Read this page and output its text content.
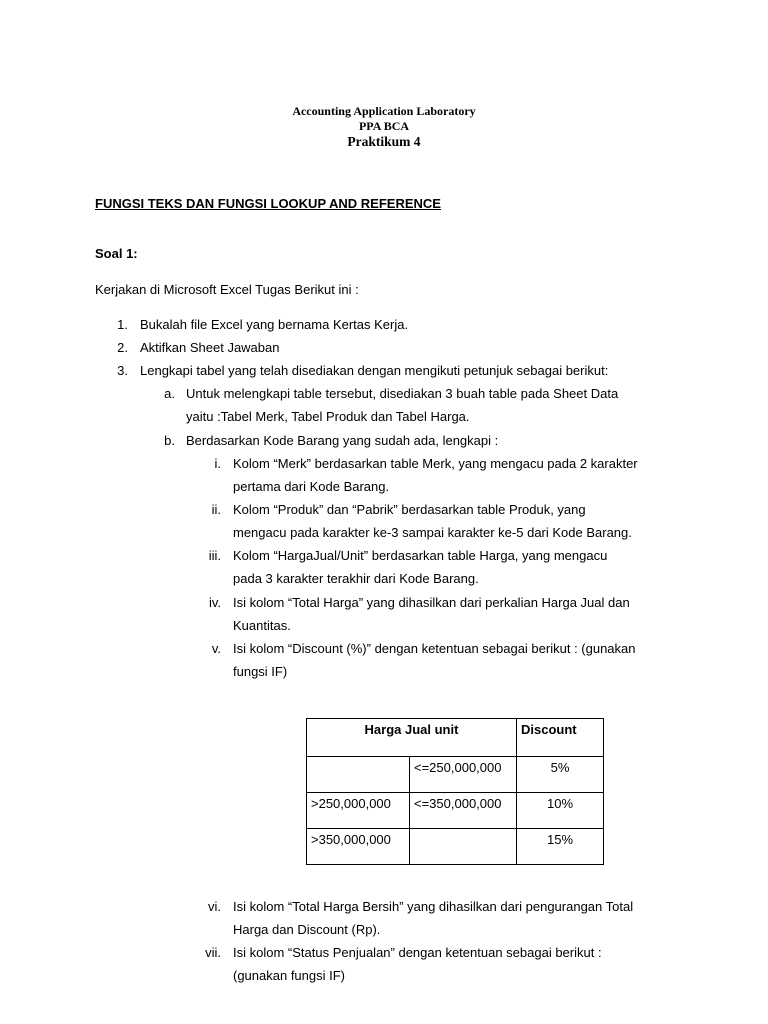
Accounting Application Laboratory
PPA BCA
Praktikum 4
FUNGSI TEKS DAN FUNGSI LOOKUP AND REFERENCE
Soal 1:
Kerjakan di Microsoft Excel Tugas Berikut ini :
1. Bukalah file Excel yang bernama Kertas Kerja.
2. Aktifkan Sheet Jawaban
3. Lengkapi tabel yang telah disediakan dengan mengikuti petunjuk sebagai berikut:
a. Untuk melengkapi table tersebut, disediakan 3 buah table pada Sheet Data
yaitu :Tabel Merk, Tabel Produk dan Tabel Harga.
b. Berdasarkan Kode Barang yang sudah ada, lengkapi :
i. Kolom “Merk” berdasarkan table Merk, yang mengacu pada 2 karakter
pertama dari Kode Barang.
ii. Kolom “Produk” dan “Pabrik” berdasarkan table Produk, yang
mengacu pada karakter ke-3 sampai karakter ke-5 dari Kode Barang.
iii. Kolom “HargaJual/Unit” berdasarkan table Harga, yang mengacu
pada 3 karakter terakhir dari Kode Barang.
iv. Isi kolom “Total Harga” yang dihasilkan dari perkalian Harga Jual dan
Kuantitas.
v. Isi kolom “Discount (%)” dengan ketentuan sebagai berikut : (gunakan
fungsi IF)
Harga Jual unit		Discount
	<=250,000,000	5%
>250,000,000	<=350,000,000	10%
>350,000,000		15%
vi. Isi kolom “Total Harga Bersih” yang dihasilkan dari pengurangan Total
Harga dan Discount (Rp).
vii. Isi kolom “Status Penjualan” dengan ketentuan sebagai berikut :
(gunakan fungsi IF)
